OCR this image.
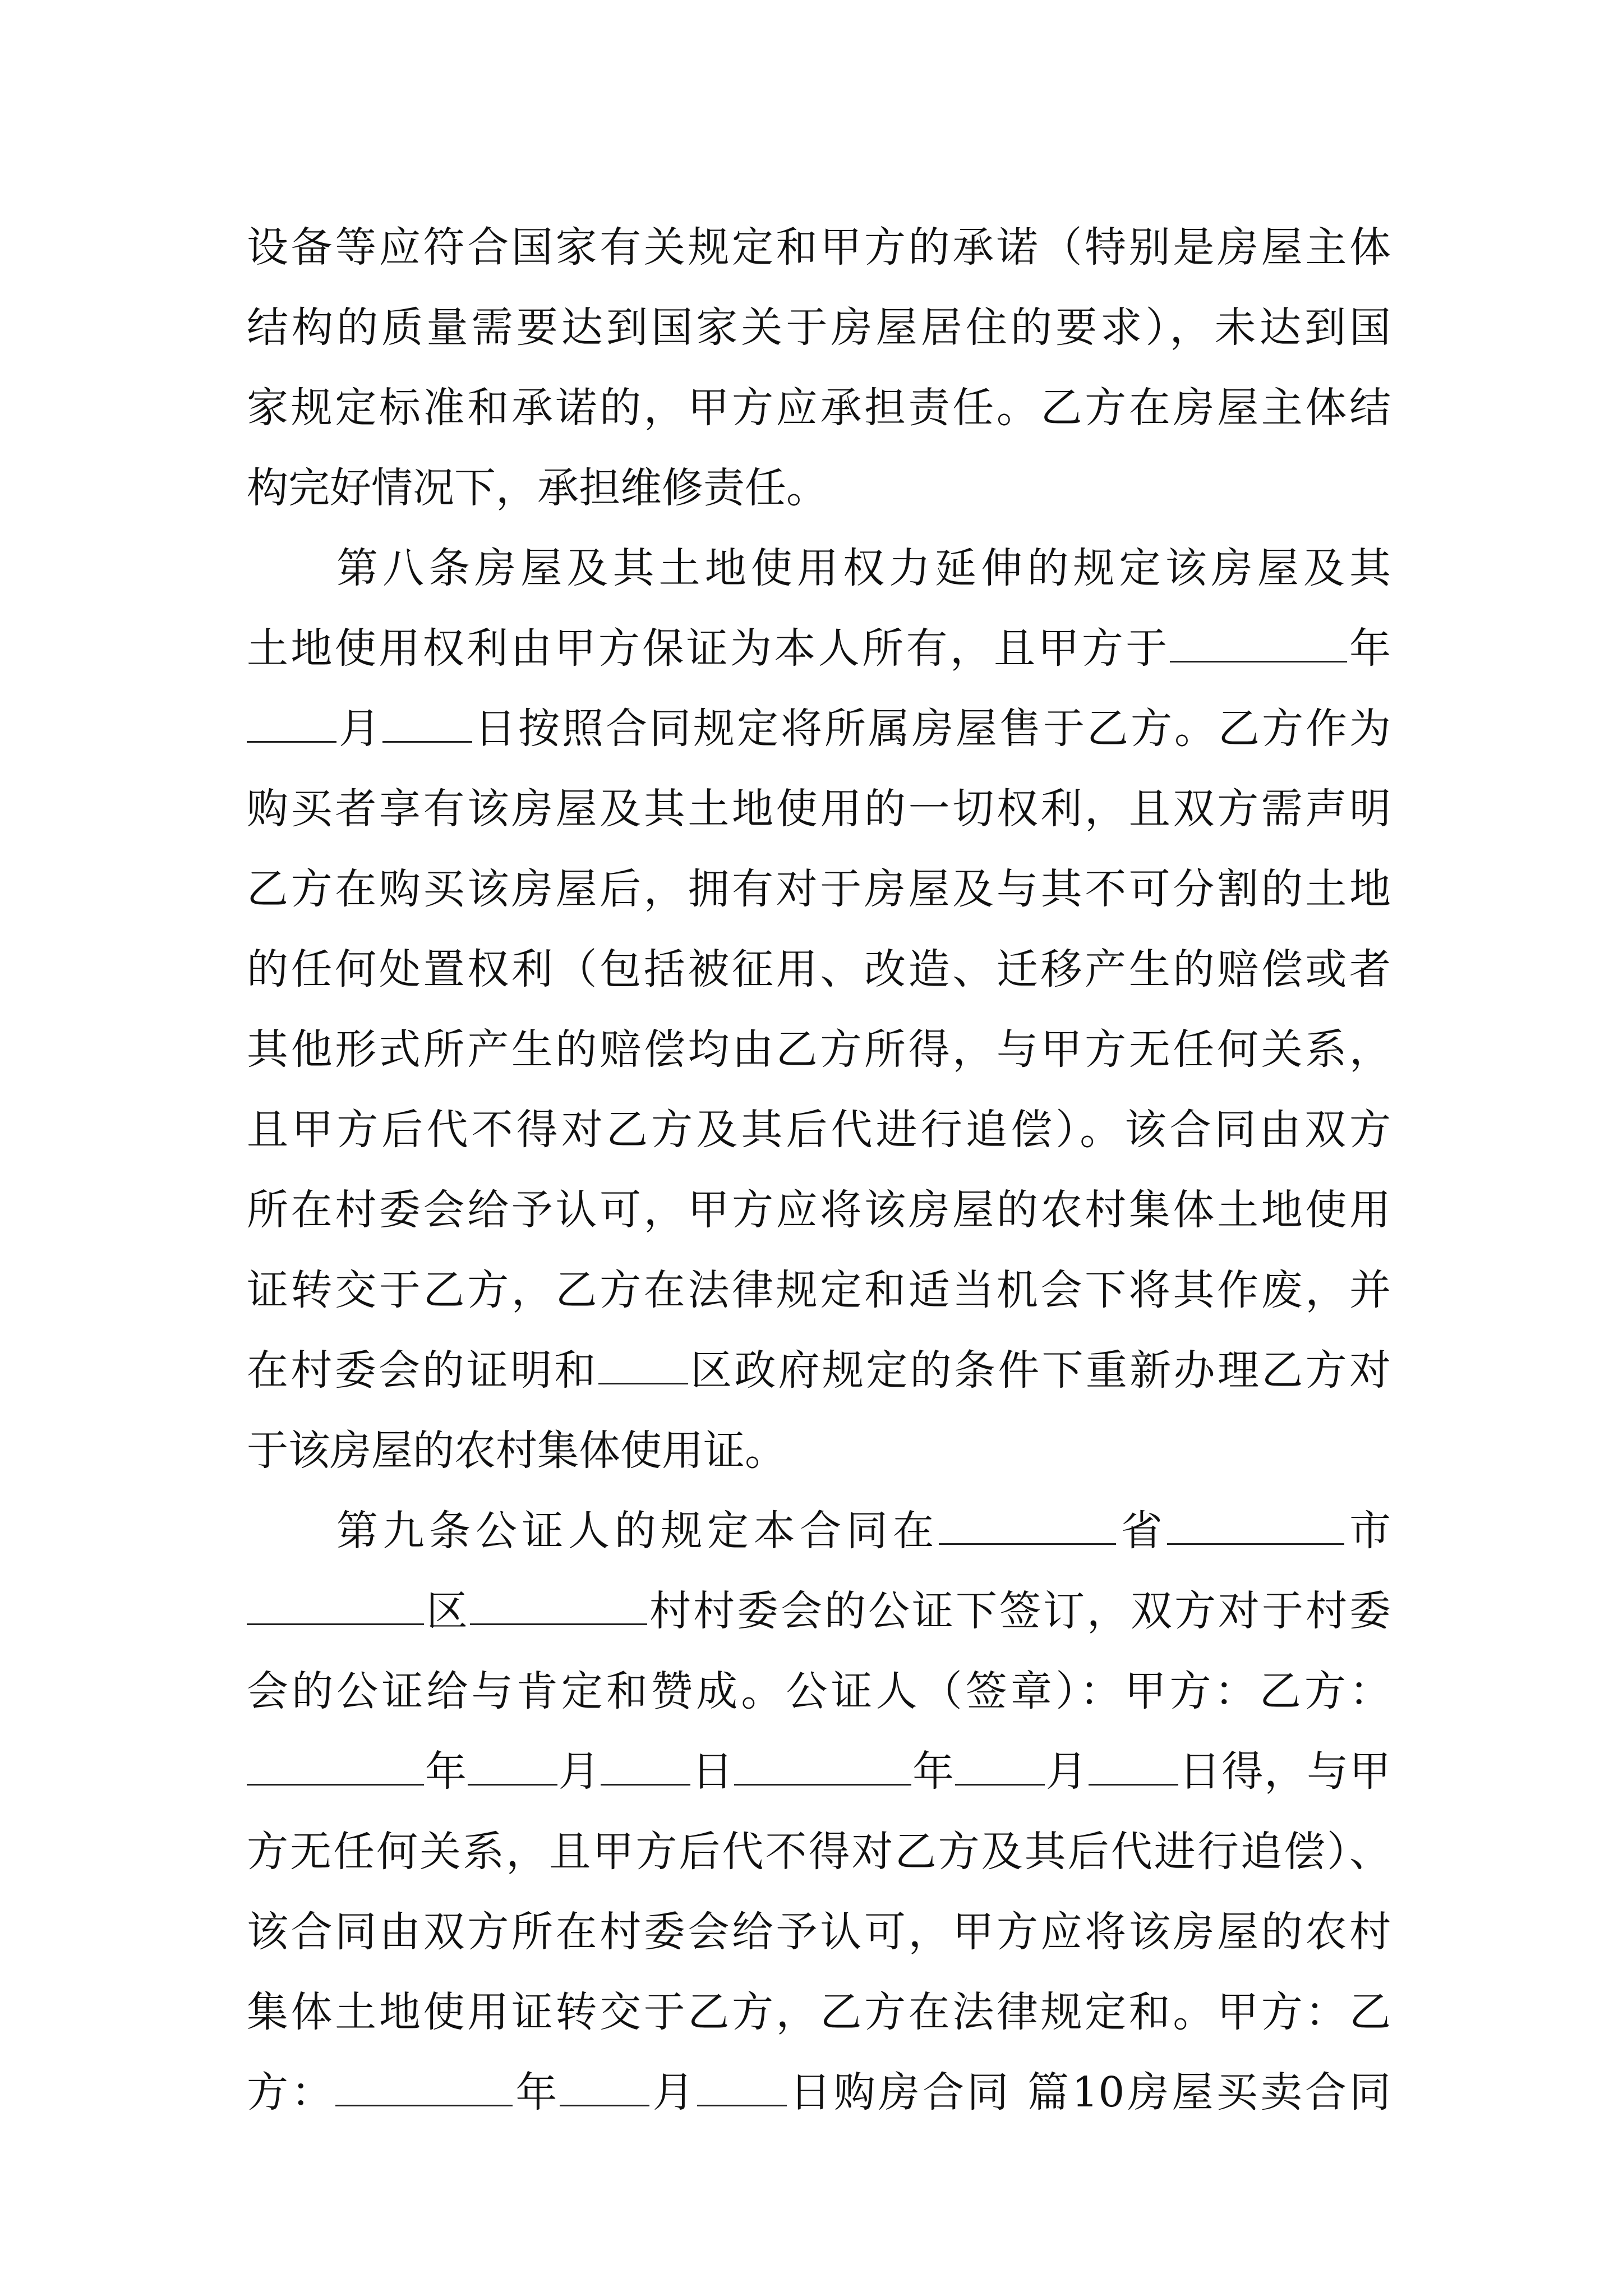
设备等应符合国家有关规定和甲方的承诺（特别是房屋主体
结构的质量需要达到国家关于房屋居住的要求），未达到国
家规定标准和承诺的，甲方应承担责任。乙方在房屋主体结
构完好情况下，承担维修责任。
第八条房屋及其土地使用权力延伸的规定该房屋及其
土地使用权利由甲方保证为本人所有，且甲方于	年
月 日按照合同规定将所属房屋售于乙方。乙方作为
购买者享有该房屋及其土地使用的一切权利，且双方需声明
乙方在购买该房屋后，拥有对于房屋及与其不可分割的土地
的任何处置权利（包括被征用、改造、迁移产生的赔偿或者
其他形式所产生的赔偿均由乙方所得，与甲方无任何关系，
且甲方后代不得对乙方及其后代进行追偿）。该合同由双方
所在村委会给予认可，甲方应将该房屋的农村集体土地使用
证转交于乙方，乙方在法律规定和适当机会下将其作废，并
在村委会的证明和 区政府规定的条件下重新办理乙方对
于该房屋的农村集体使用证。
第九条公证人的规定本合同在	省	市
区	村村委会的公证下签订，双方对于村委
会的公证给与肯定和赞成。公证人（签章）：甲方：乙方：
年 月 日	年 月 日得，与甲
方无任何关系，且甲方后代不得对乙方及其后代进行追偿）、
该合同由双方所在村委会给予认可，甲方应将该房屋的农村
集体土地使用证转交于乙方，乙方在法律规定和。甲方：乙
方：	年 月 日购房合同 篇10房屋买卖合同
